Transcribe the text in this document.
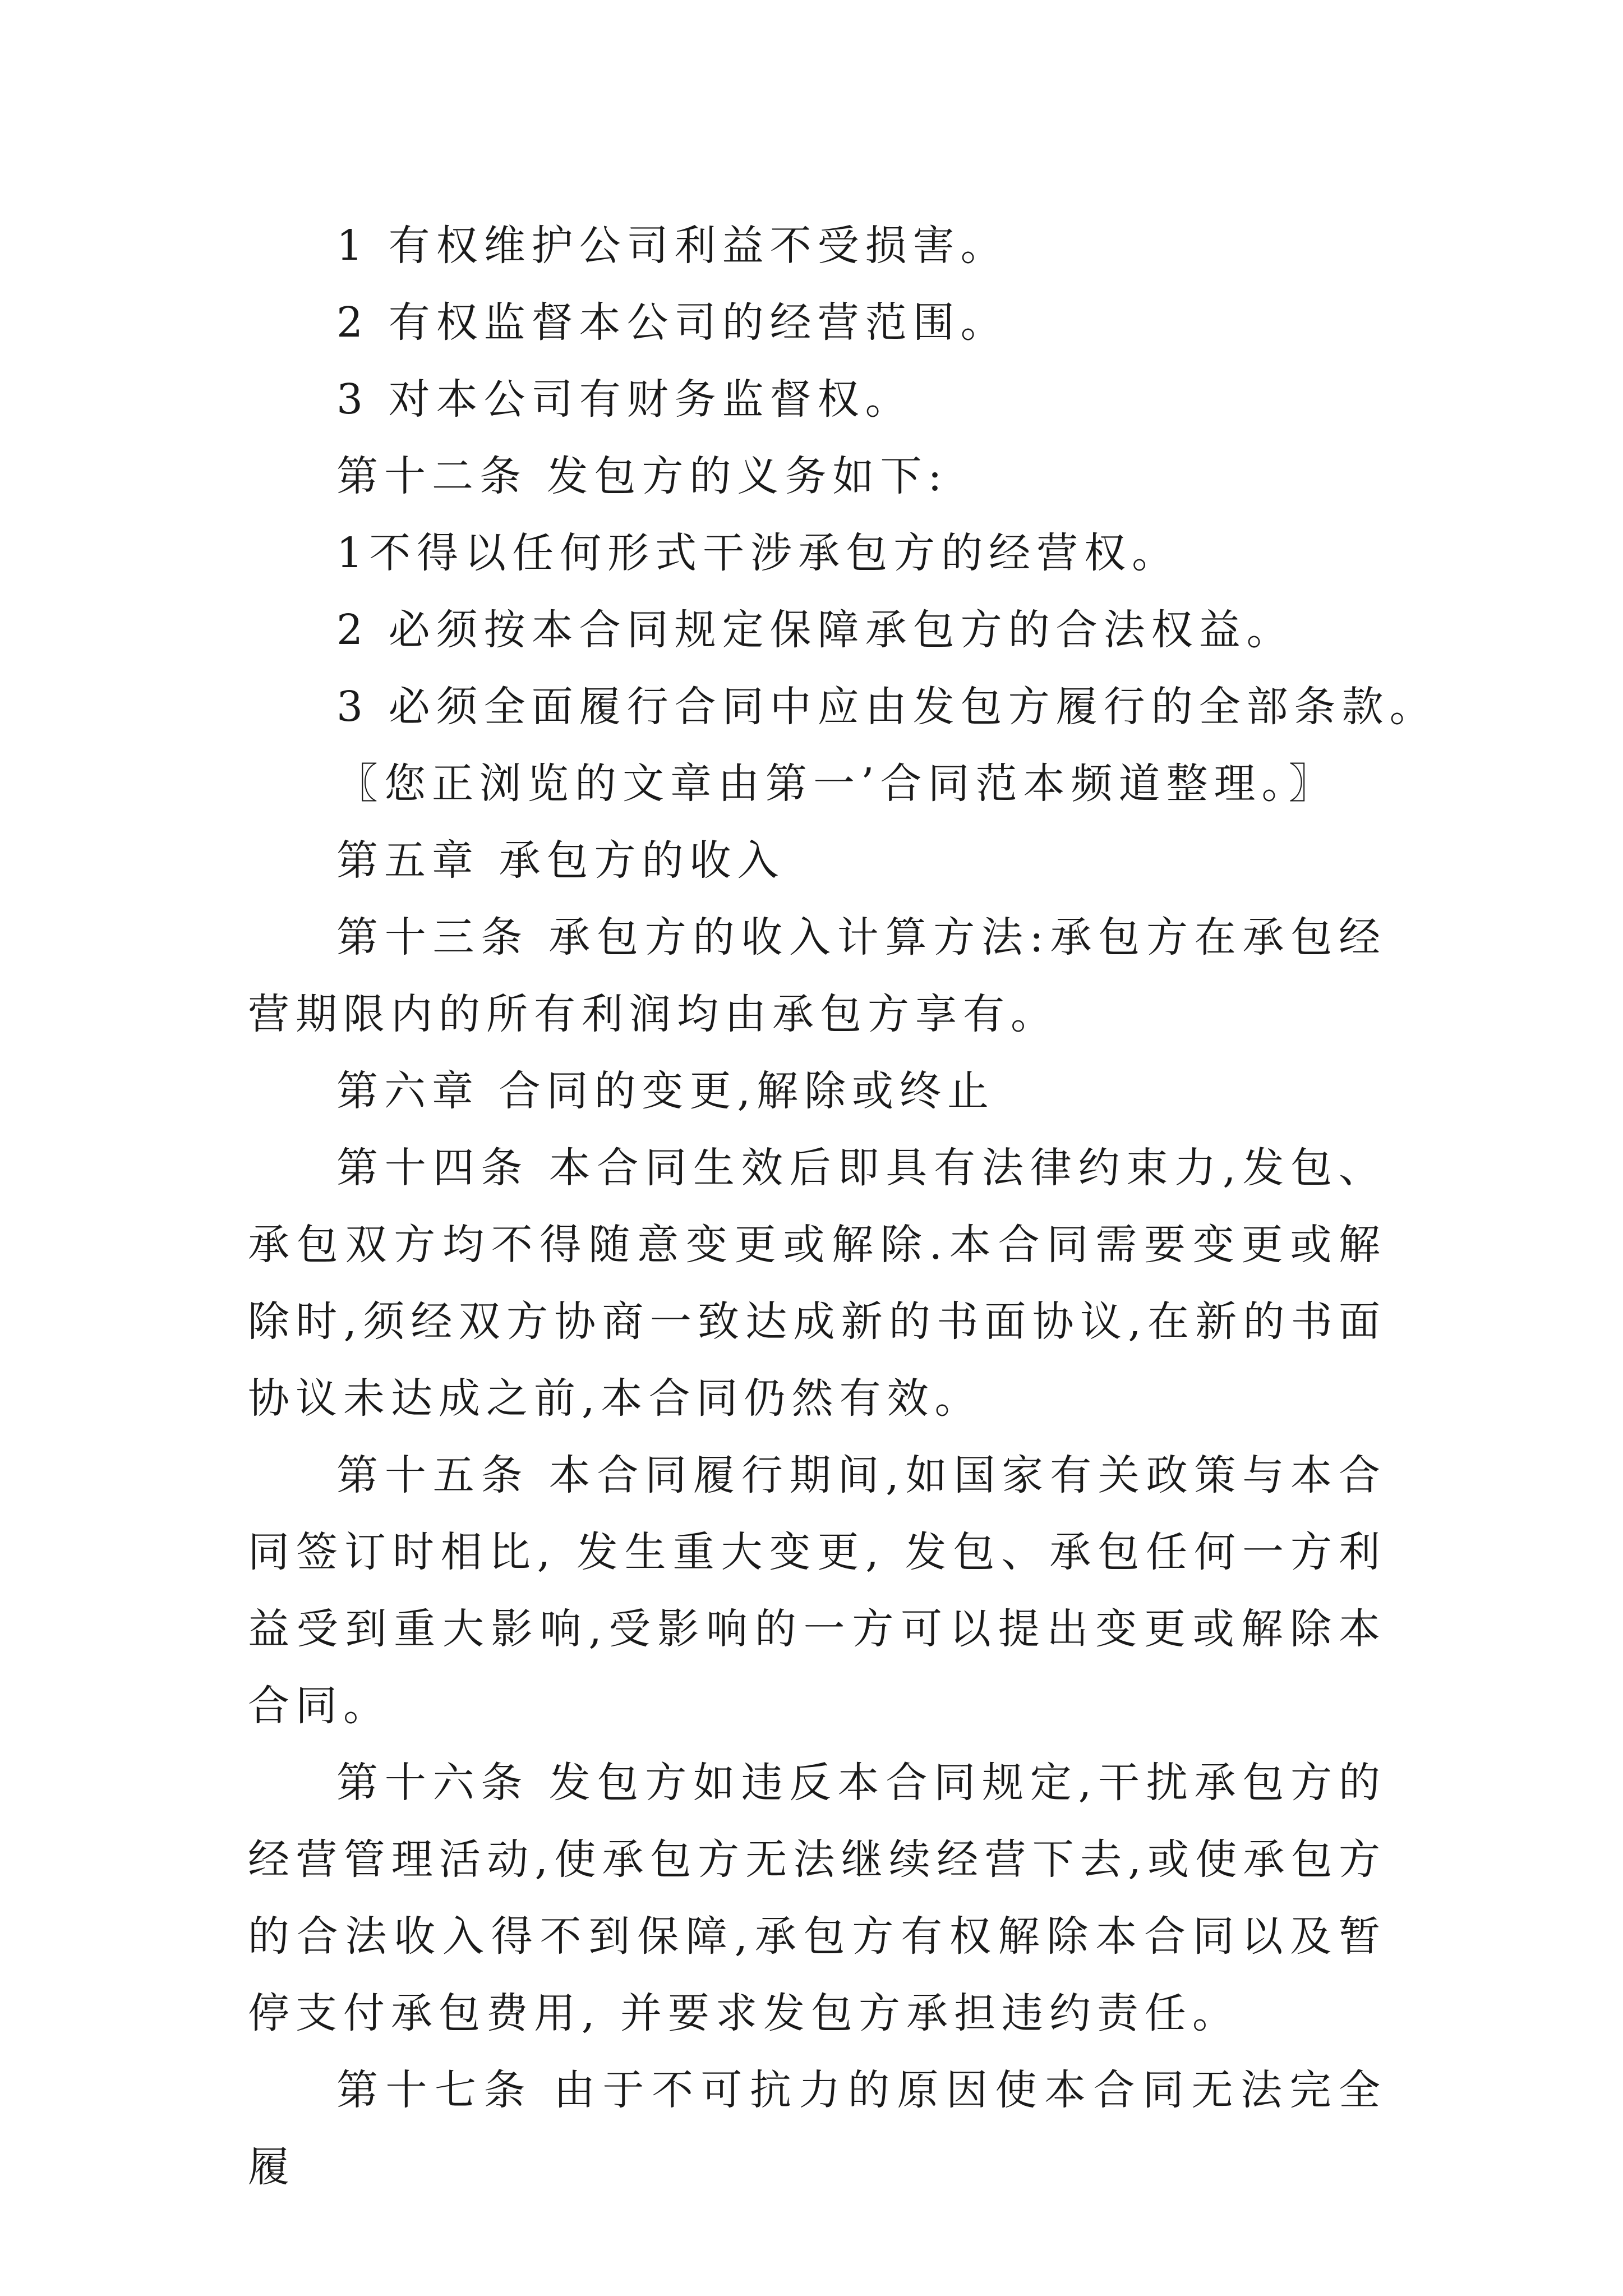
1 有权维护公司利益不受损害。

2 有权监督本公司的经营范围。

3 对本公司有财务监督权。

第十二条 发包方的义务如下:

1不得以任何形式干涉承包方的经营权。

2 必须按本合同规定保障承包方的合法权益。

3 必须全面履行合同中应由发包方履行的全部条款。

〖您正浏览的文章由第一’合同范本频道整理。〗

第五章 承包方的收入

第十三条 承包方的收入计算方法:承包方在承包经营期限内的所有利润均由承包方享有。

第六章 合同的变更,解除或终止

第十四条 本合同生效后即具有法律约束力,发包、承包双方均不得随意变更或解除.本合同需要变更或解除时,须经双方协商一致达成新的书面协议,在新的书面协议未达成之前,本合同仍然有效。

第十五条 本合同履行期间,如国家有关政策与本合同签订时相比, 发生重大变更, 发包、承包任何一方利益受到重大影响,受影响的一方可以提出变更或解除本合同。

第十六条 发包方如违反本合同规定,干扰承包方的经营管理活动,使承包方无法继续经营下去,或使承包方的合法收入得不到保障,承包方有权解除本合同以及暂停支付承包费用, 并要求发包方承担违约责任。

第十七条 由于不可抗力的原因使本合同无法完全履
